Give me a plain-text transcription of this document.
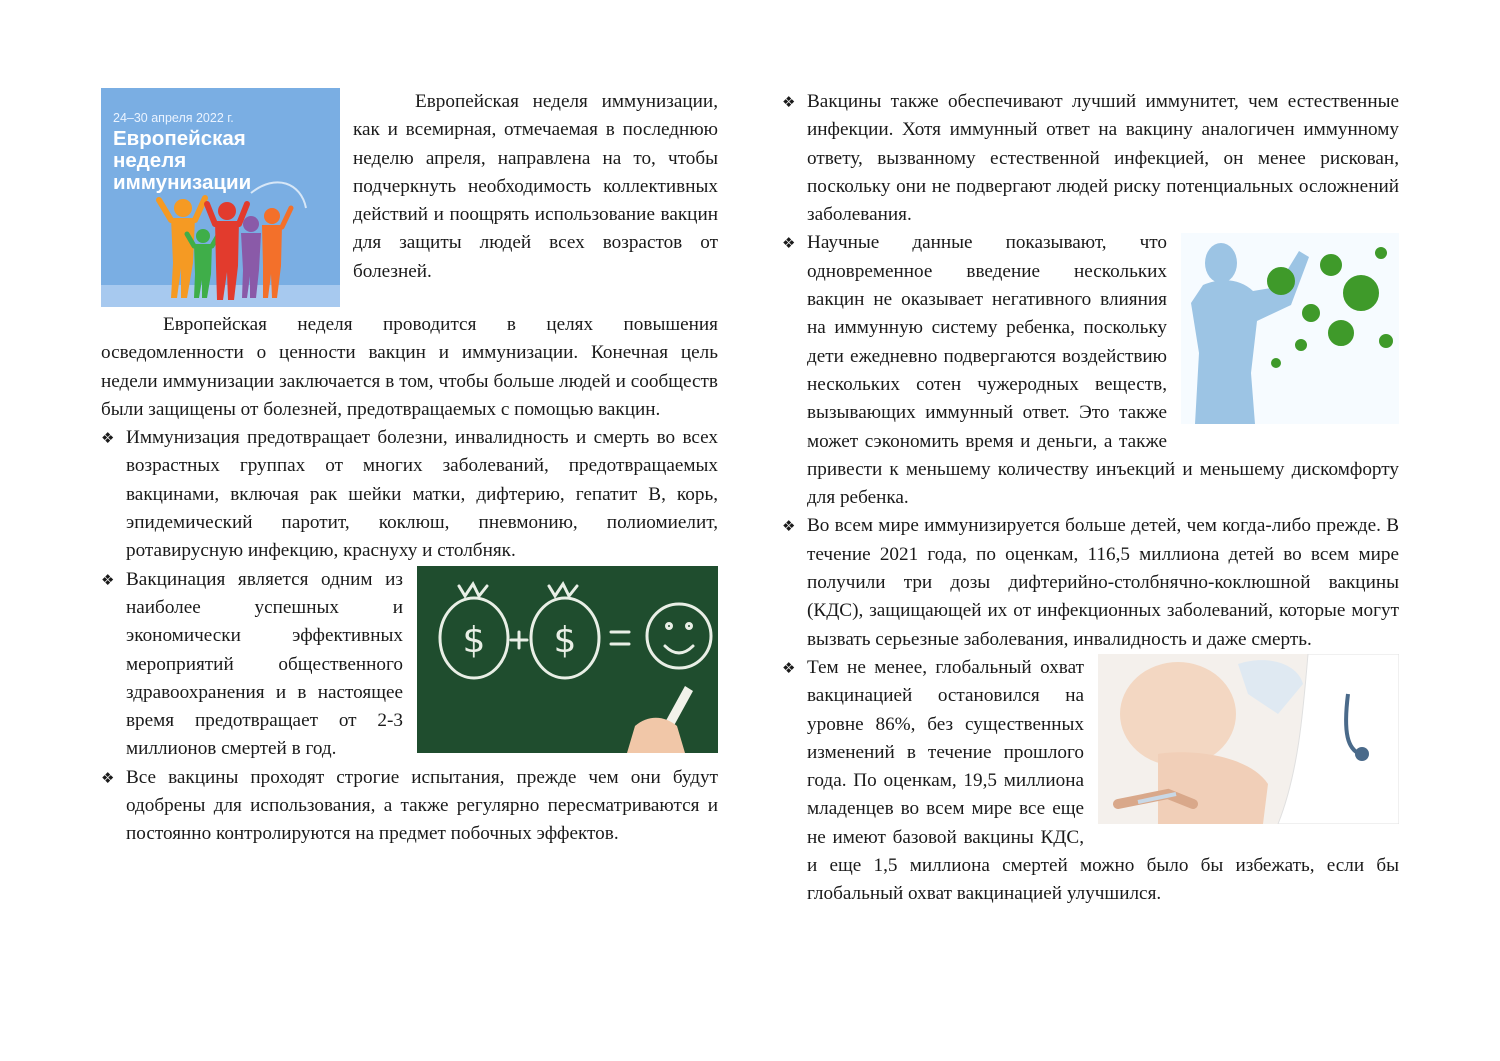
24–30 апреля 2022 г.
Европейская
неделя
иммунизации

Европейская неделя иммунизации, как и всемирная, отмечаемая в последнюю неделю апреля, направлена на то, чтобы подчеркнуть необходимость коллективных действий и поощрять использование вакцин для защиты людей всех возрастов от болезней.

Европейская неделя проводится в целях повышения осведомленности о ценности вакцин и иммунизации. Конечная цель недели иммунизации заключается в том, чтобы больше людей и сообществ были защищены от болезней, предотвращаемых с помощью вакцин.

❖ Иммунизация предотвращает болезни, инвалидность и смерть во всех возрастных группах от многих заболеваний, предотвращаемых вакцинами, включая рак шейки матки, дифтерию, гепатит В, корь, эпидемический паротит, коклюш, пневмонию, полиомиелит, ротавирусную инфекцию, краснуху и столбняк.

❖
$ $

Вакцинация является одним из наиболее успешных и экономически эффективных мероприятий общественного здравоохранения и в настоящее время предотвращает от 2-3 миллионов смертей в год.

❖ Все вакцины проходят строгие испытания, прежде чем они будут одобрены для использования, а также регулярно пересматриваются и постоянно контролируются на предмет побочных эффектов.

❖ Вакцины также обеспечивают лучший иммунитет, чем естественные инфекции. Хотя иммунный ответ на вакцину аналогичен иммунному ответу, вызванному естественной инфекцией, он менее рискован, поскольку они не подвергают людей риску потенциальных осложнений заболевания.

❖ Научные данные показывают, что одновременное введение нескольких вакцин не оказывает негативного влияния на иммунную систему ребенка, поскольку дети ежедневно подвергаются воздействию нескольких сотен чужеродных веществ, вызывающих иммунный ответ. Это также может сэкономить время и деньги, а также привести к меньшему количеству инъекций и меньшему дискомфорту для ребенка.

❖ Во всем мире иммунизируется больше детей, чем когда-либо прежде. В течение 2021 года, по оценкам, 116,5 миллиона детей во всем мире получили три дозы дифтерийно-столбнячно-коклюшной вакцины (КДС), защищающей их от инфекционных заболеваний, которые могут вызвать серьезные заболевания, инвалидность и даже смерть.

❖ Тем не менее, глобальный охват вакцинацией остановился на уровне 86%, без существенных изменений в течение прошлого года. По оценкам, 19,5 миллиона младенцев во всем мире все еще не имеют базовой вакцины КДС, и еще 1,5 миллиона смертей можно было бы избежать, если бы глобальный охват вакцинацией улучшился.
